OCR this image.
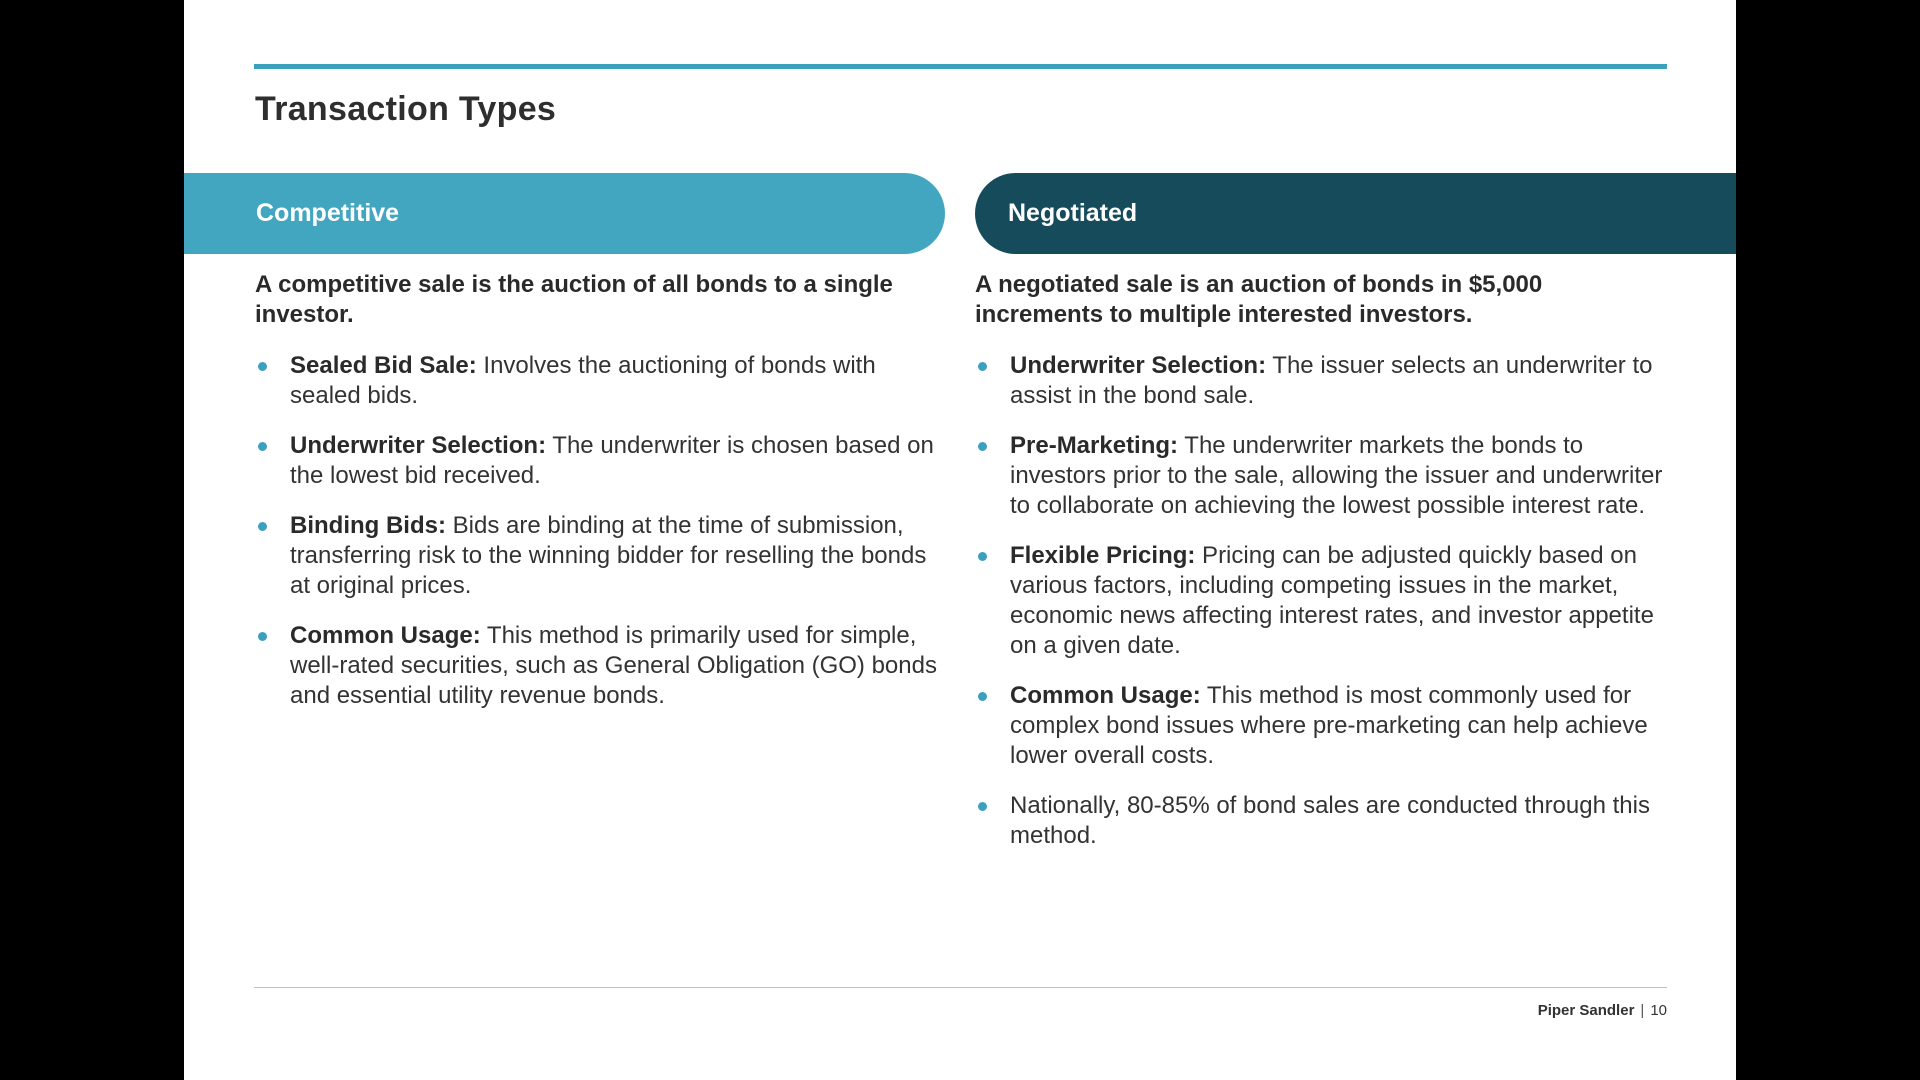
Transaction Types
Competitive	Negotiated

A competitive sale is the auction of all bonds to a single investor.

Sealed Bid Sale: Involves the auctioning of bonds with sealed bids.
Underwriter Selection: The underwriter is chosen based on the lowest bid received.
Binding Bids: Bids are binding at the time of submission, transferring risk to the winning bidder for reselling the bonds at original prices.
Common Usage: This method is primarily used for simple, well-rated securities, such as General Obligation (GO) bonds and essential utility revenue bonds.

A negotiated sale is an auction of bonds in $5,000 increments to multiple interested investors.

Underwriter Selection: The issuer selects an underwriter to assist in the bond sale.
Pre-Marketing: The underwriter markets the bonds to investors prior to the sale, allowing the issuer and underwriter to collaborate on achieving the lowest possible interest rate.
Flexible Pricing: Pricing can be adjusted quickly based on various factors, including competing issues in the market, economic news affecting interest rates, and investor appetite on a given date.
Common Usage: This method is most commonly used for complex bond issues where pre-marketing can help achieve lower overall costs.
Nationally, 80-85% of bond sales are conducted through this method.
Piper Sandler | 10
